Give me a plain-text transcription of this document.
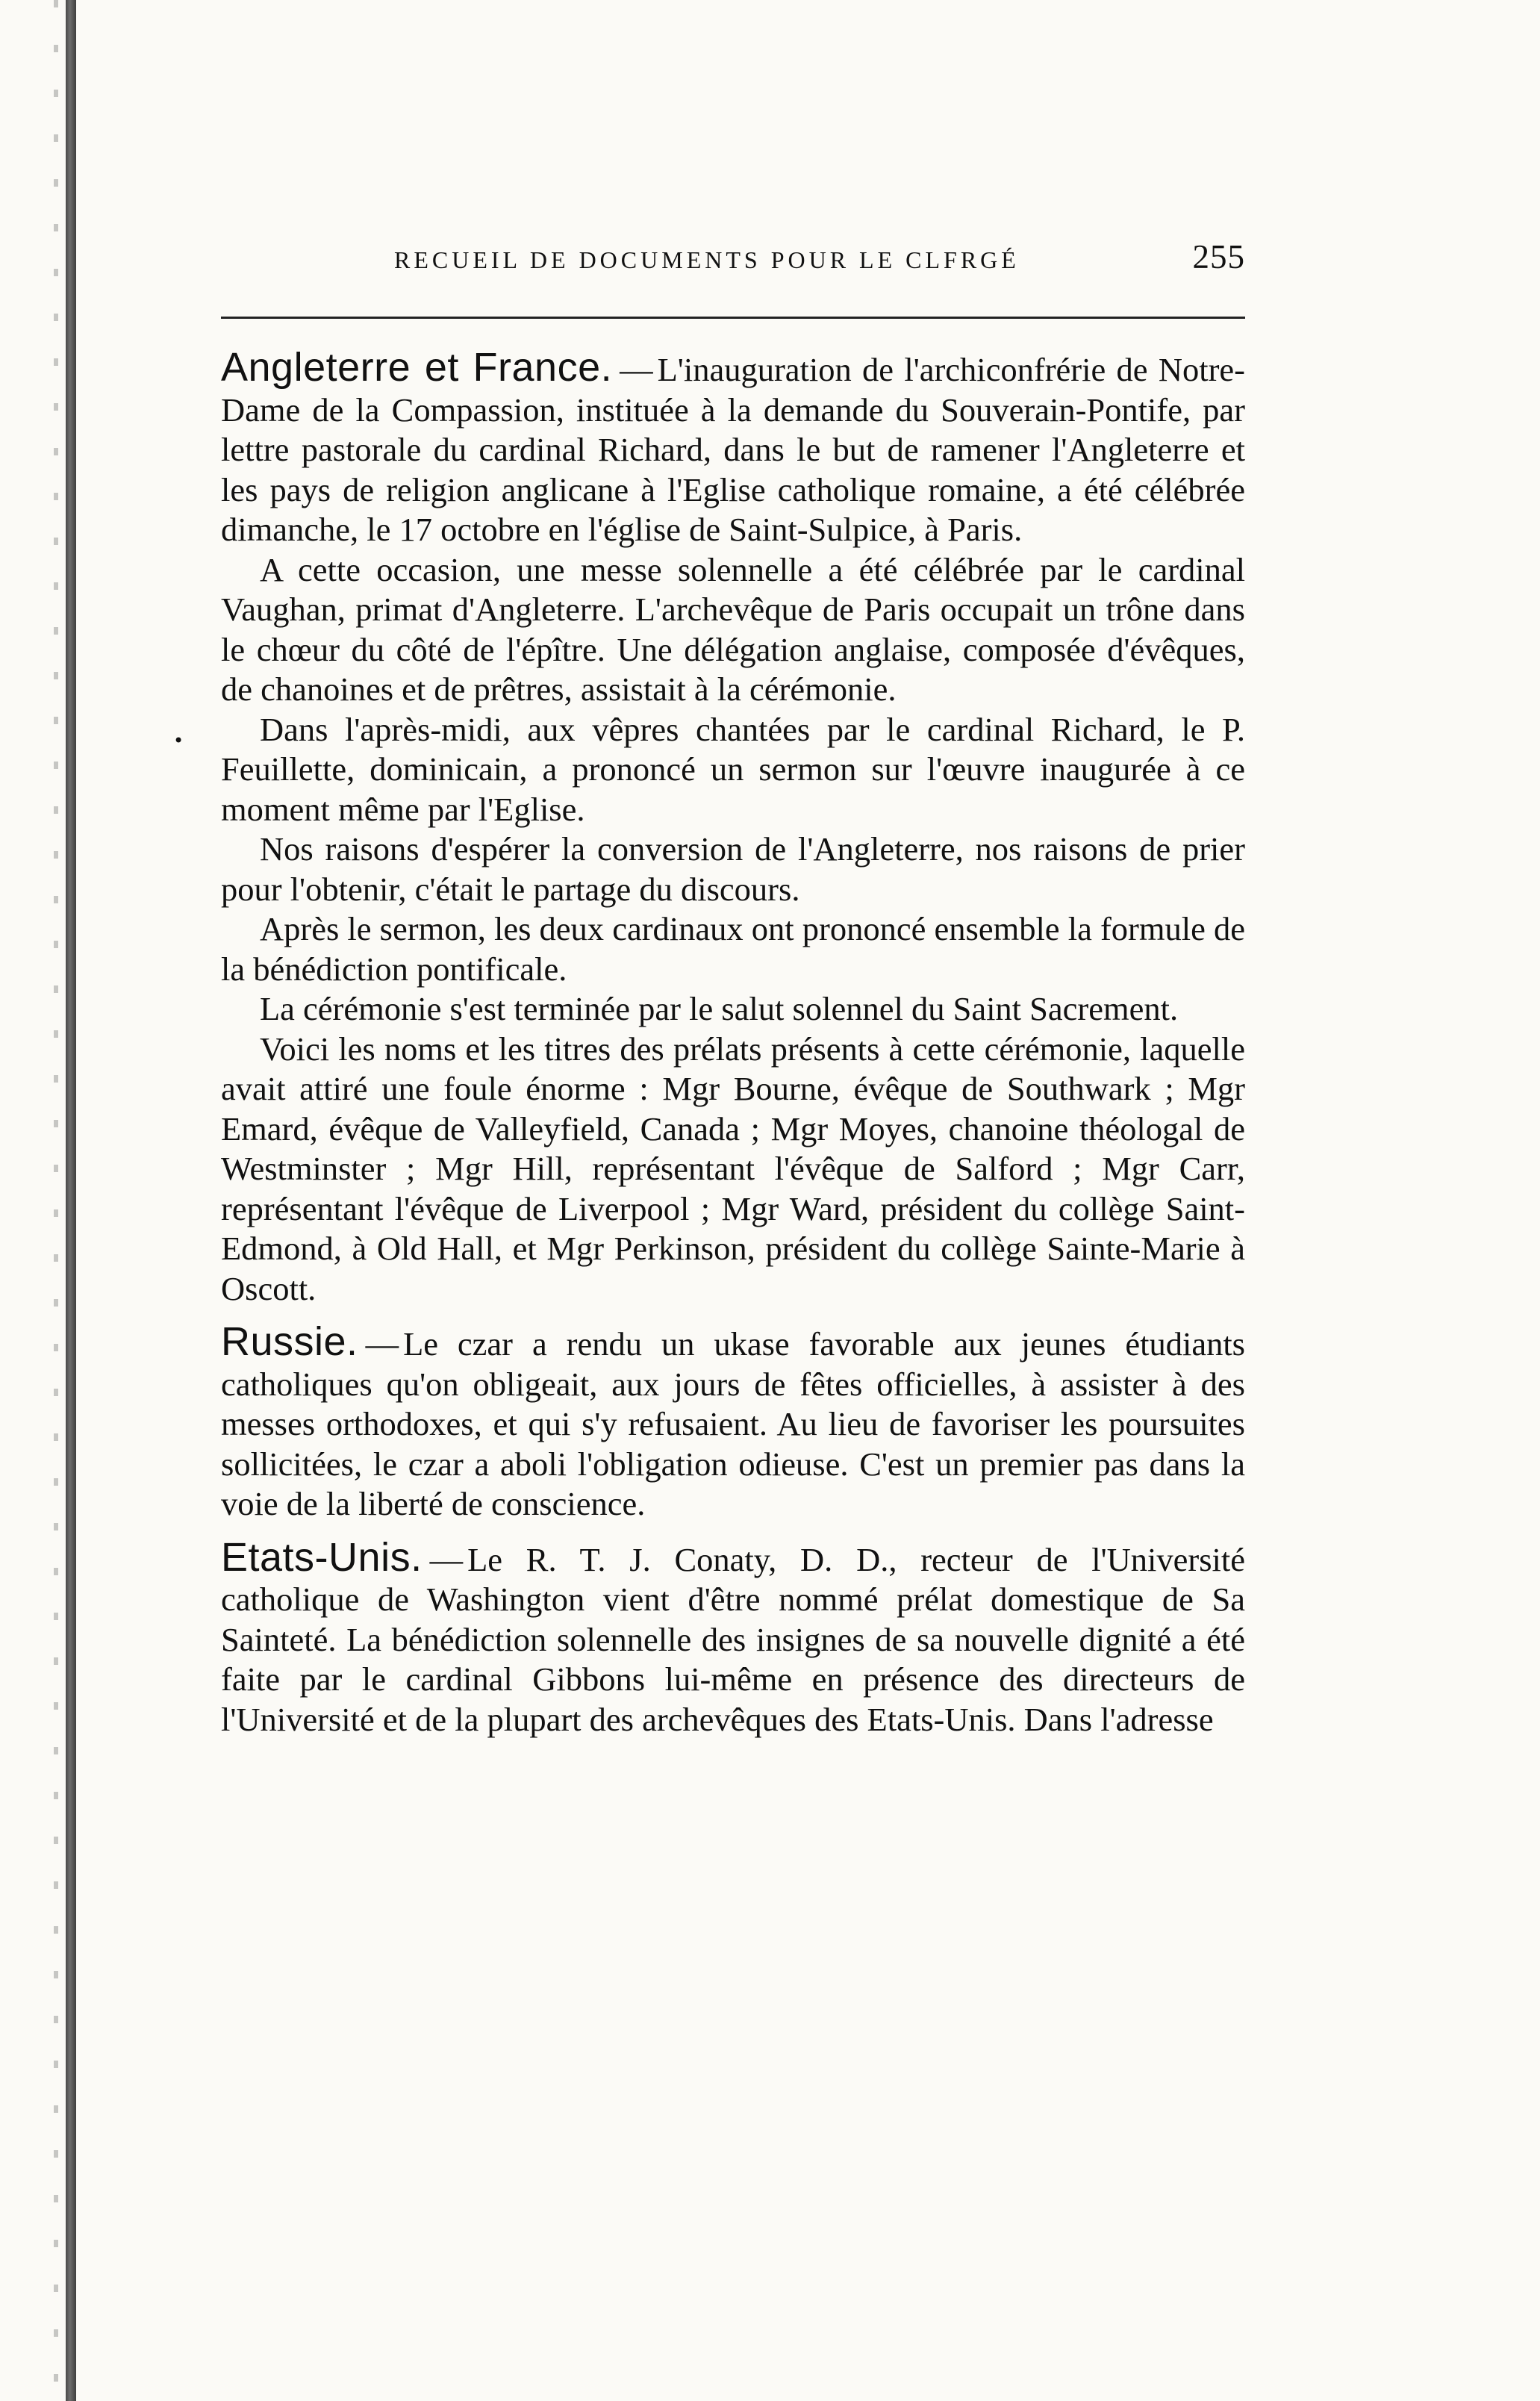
RECUEIL DE DOCUMENTS POUR LE CLFRGÉ	255

Angleterre et France. — L'inauguration de l'archiconfrérie de Notre-Dame de la Compassion, instituée à la demande du Souverain-Pontife, par lettre pastorale du cardinal Richard, dans le but de ramener l'Angleterre et les pays de religion anglicane à l'Eglise catholique romaine, a été célébrée dimanche, le 17 octobre en l'église de Saint-Sulpice, à Paris.

A cette occasion, une messe solennelle a été célébrée par le cardinal Vaughan, primat d'Angleterre. L'archevêque de Paris occupait un trône dans le chœur du côté de l'épître. Une délégation anglaise, composée d'évêques, de chanoines et de prêtres, assistait à la cérémonie.

Dans l'après-midi, aux vêpres chantées par le cardinal Richard, le P. Feuillette, dominicain, a prononcé un sermon sur l'œuvre inaugurée à ce moment même par l'Eglise.

Nos raisons d'espérer la conversion de l'Angleterre, nos raisons de prier pour l'obtenir, c'était le partage du discours.

Après le sermon, les deux cardinaux ont prononcé ensemble la formule de la bénédiction pontificale.

La cérémonie s'est terminée par le salut solennel du Saint Sacrement.

Voici les noms et les titres des prélats présents à cette cérémonie, laquelle avait attiré une foule énorme : Mgr Bourne, évêque de Southwark ; Mgr Emard, évêque de Valleyfield, Canada ; Mgr Moyes, chanoine théologal de Westminster ; Mgr Hill, représentant l'évêque de Salford ; Mgr Carr, représentant l'évêque de Liverpool ; Mgr Ward, président du collège Saint-Edmond, à Old Hall, et Mgr Perkinson, président du collège Sainte-Marie à Oscott.

Russie. — Le czar a rendu un ukase favorable aux jeunes étudiants catholiques qu'on obligeait, aux jours de fêtes officielles, à assister à des messes orthodoxes, et qui s'y refusaient. Au lieu de favoriser les poursuites sollicitées, le czar a aboli l'obligation odieuse. C'est un premier pas dans la voie de la liberté de conscience.

Etats-Unis. — Le R. T. J. Conaty, D. D., recteur de l'Université catholique de Washington vient d'être nommé prélat domestique de Sa Sainteté. La bénédiction solennelle des insignes de sa nouvelle dignité a été faite par le cardinal Gibbons lui-même en présence des directeurs de l'Université et de la plupart des archevêques des Etats-Unis. Dans l'adresse

•
